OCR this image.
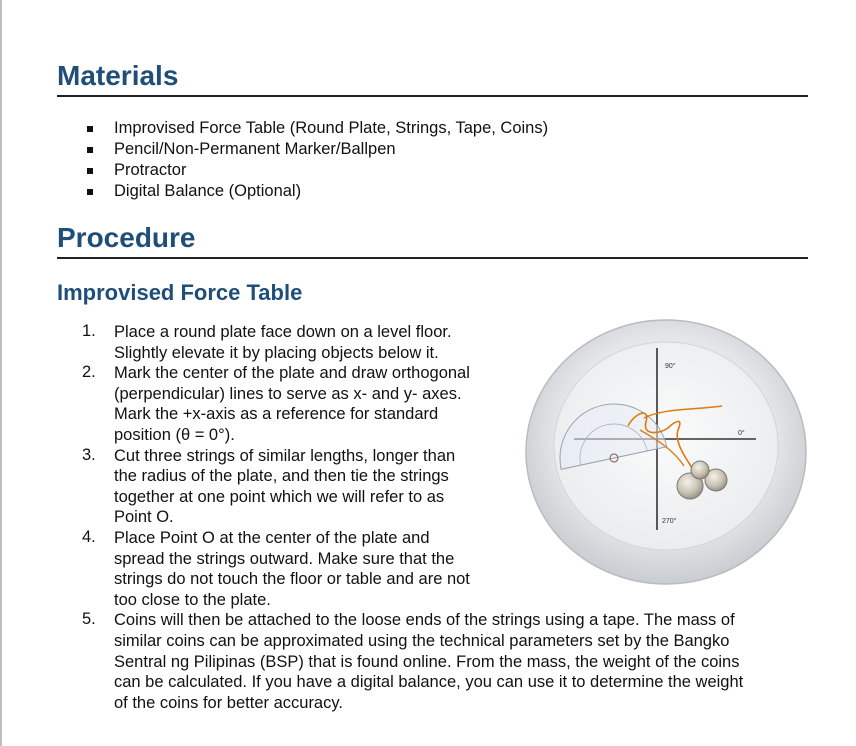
Materials
Improvised Force Table (Round Plate, Strings, Tape, Coins)
Pencil/Non-Permanent Marker/Ballpen
Protractor
Digital Balance (Optional)
Procedure
Improvised Force Table
1. Place a round plate face down on a level floor.
Slightly elevate it by placing objects below it.
2. Mark the center of the plate and draw orthogonal
(perpendicular) lines to serve as x- and y- axes.
Mark the +x-axis as a reference for standard
position (θ = 0°).
3. Cut three strings of similar lengths, longer than
the radius of the plate, and then tie the strings
together at one point which we will refer to as
Point O.
4. Place Point O at the center of the plate and
spread the strings outward. Make sure that the
strings do not touch the floor or table and are not
too close to the plate.
5. Coins will then be attached to the loose ends of the strings using a tape. The mass of
similar coins can be approximated using the technical parameters set by the Bangko
Sentral ng Pilipinas (BSP) that is found online. From the mass, the weight of the coins
can be calculated. If you have a digital balance, you can use it to determine the weight
of the coins for better accuracy.
90°
0°
270°
